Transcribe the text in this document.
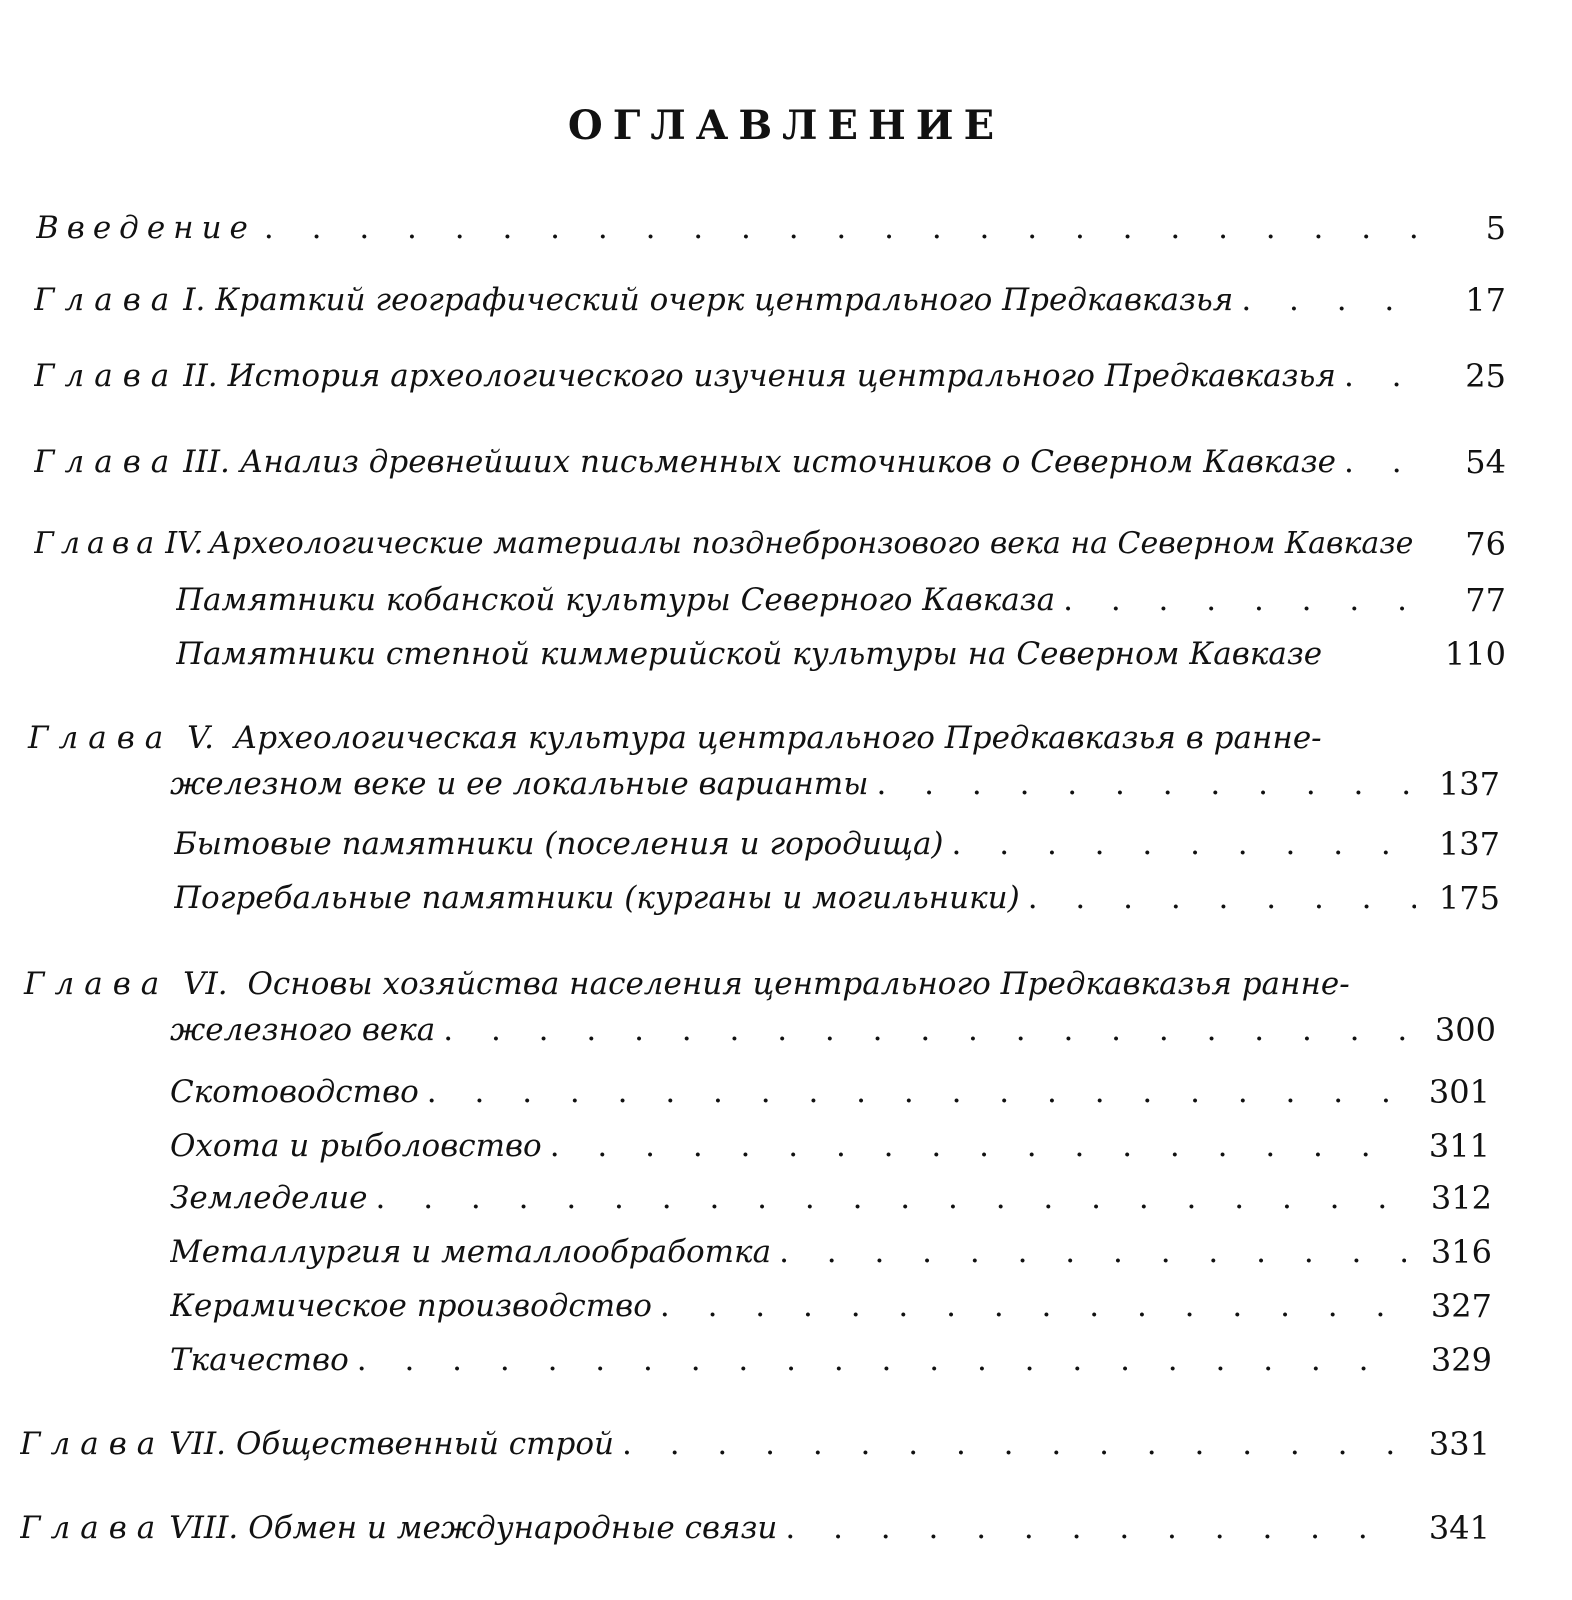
ОГЛАВЛЕНИЕ
Введение . . .	5
Глава I. Краткий географический очерк центрального Предкавказья . . .	17
Глава II. История археологического изучения центрального Предкавказья . . .	25
Глава III. Анализ древнейших письменных источников о Северном Кавказе . . .	54
Глава IV. Археологические материалы позднебронзового века на Северном Кавказе	76
Памятники кобанской культуры Северного Кавказа . . .	77
Памятники степной киммерийской культуры на Северном Кавказе	110
Глава V. Археологическая культура центрального Предкавказья в ранне-
железном веке и ее локальные варианты . . .	137
Бытовые памятники (поселения и городища) . . .	137
Погребальные памятники (курганы и могильники) . . .	175
Глава VI. Основы хозяйства населения центрального Предкавказья ранне-
железного века . . .	300
Скотоводство . . .	301
Охота и рыболовство . . .	311
Земледелие . . .	312
Металлургия и металлообработка . . .	316
Керамическое производство . . .	327
Ткачество . . .	329
Глава VII. Общественный строй . . .	331
Глава VIII. Обмен и международные связи . . .	341
